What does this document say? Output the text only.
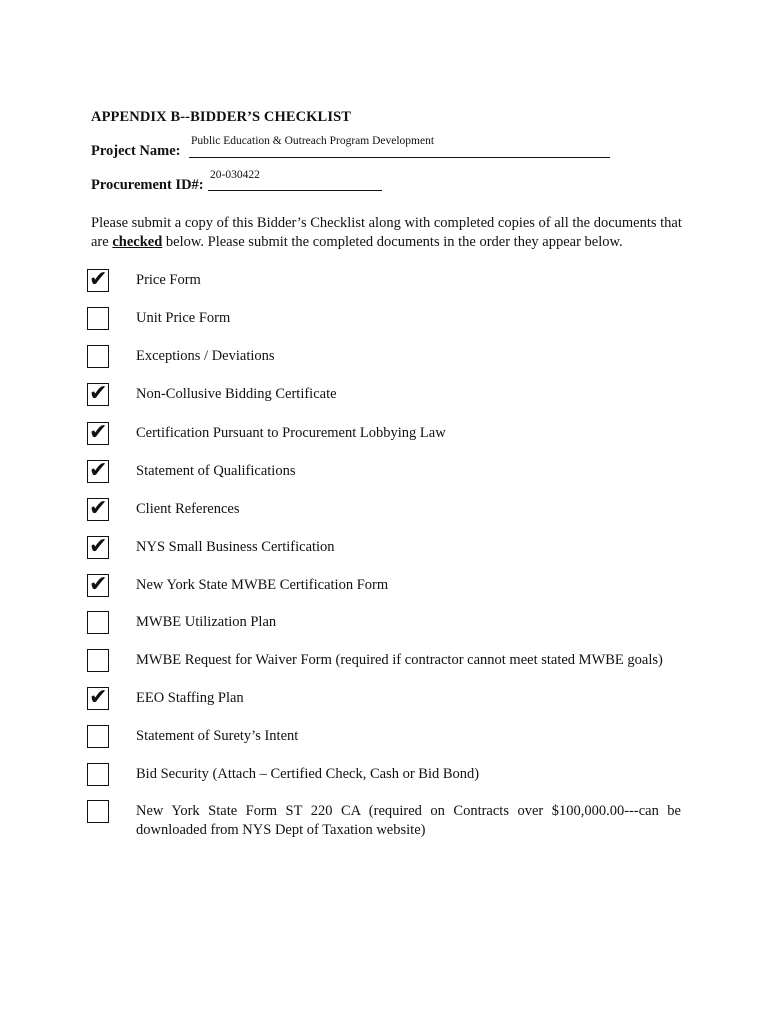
APPENDIX B--BIDDER’S CHECKLIST
Project Name:
Public Education & Outreach Program Development
Procurement ID#:
20-030422
Please submit a copy of this Bidder’s Checklist along with completed copies of all the documents that are checked below. Please submit the completed documents in the order they appear below.
✔ Price Form
Unit Price Form
Exceptions / Deviations
✔ Non-Collusive Bidding Certificate
✔ Certification Pursuant to Procurement Lobbying Law
✔ Statement of Qualifications
✔ Client References
✔ NYS Small Business Certification
✔ New York State MWBE Certification Form
MWBE Utilization Plan
MWBE Request for Waiver Form (required if contractor cannot meet stated MWBE goals)
✔ EEO Staffing Plan
Statement of Surety’s Intent
Bid Security (Attach – Certified Check, Cash or Bid Bond)
New York State Form ST 220 CA (required on Contracts over $100,000.00---can be downloaded from NYS Dept of Taxation website)
